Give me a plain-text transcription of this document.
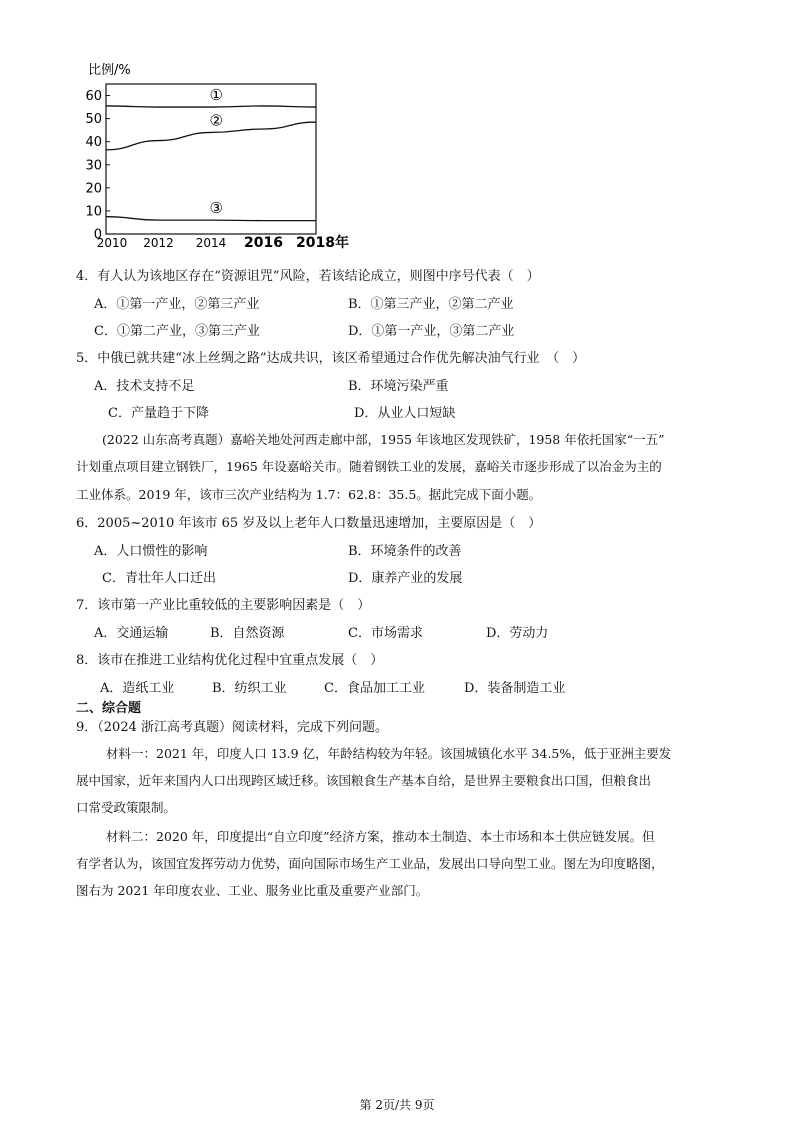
比例/%
0
10
20
30
40
50
60
2010 2012 2014 2016 2018年
①
②
③
4．有人认为该地区存在“资源诅咒”风险，若该结论成立，则图中序号代表（　）
A．①第一产业，②第三产业	B．①第三产业，②第二产业
C．①第二产业，③第三产业	D．①第一产业，③第二产业
5．中俄已就共建“冰上丝绸之路”达成共识，该区希望通过合作优先解决油气行业　（　）
A．技术支持不足	B．环境污染严重
C．产量趋于下降	D．从业人口短缺
(2022 山东高考真题）嘉峪关地处河西走廊中部，1955 年该地区发现铁矿，1958 年依托国家“一五”
计划重点项目建立钢铁厂，1965 年设嘉峪关市。随着钢铁工业的发展，嘉峪关市逐步形成了以冶金为主的
工业体系。2019 年，该市三次产业结构为 1.7：62.8：35.5。据此完成下面小题。
6．2005~2010 年该市 65 岁及以上老年人口数量迅速增加，主要原因是（　）
A．人口惯性的影响	B．环境条件的改善
C．青壮年人口迁出	D．康养产业的发展
7．该市第一产业比重较低的主要影响因素是（　）
A．交通运输	B．自然资源	C．市场需求	D．劳动力
8．该市在推进工业结构优化过程中宜重点发展（　）
A．造纸工业	B．纺织工业	C．食品加工工业	D．装备制造工业
二、综合题
9．（2024 浙江高考真题）阅读材料，完成下列问题。
材料一：2021 年，印度人口 13.9 亿，年龄结构较为年轻。该国城镇化水平 34.5%，低于亚洲主要发
展中国家，近年来国内人口出现跨区域迁移。该国粮食生产基本自给，是世界主要粮食出口国，但粮食出
口常受政策限制。
材料二：2020 年，印度提出“自立印度”经济方案，推动本土制造、本土市场和本土供应链发展。但
有学者认为，该国宜发挥劳动力优势，面向国际市场生产工业品，发展出口导向型工业。图左为印度略图，
图右为 2021 年印度农业、工业、服务业比重及重要产业部门。
第 2页/共 9页
